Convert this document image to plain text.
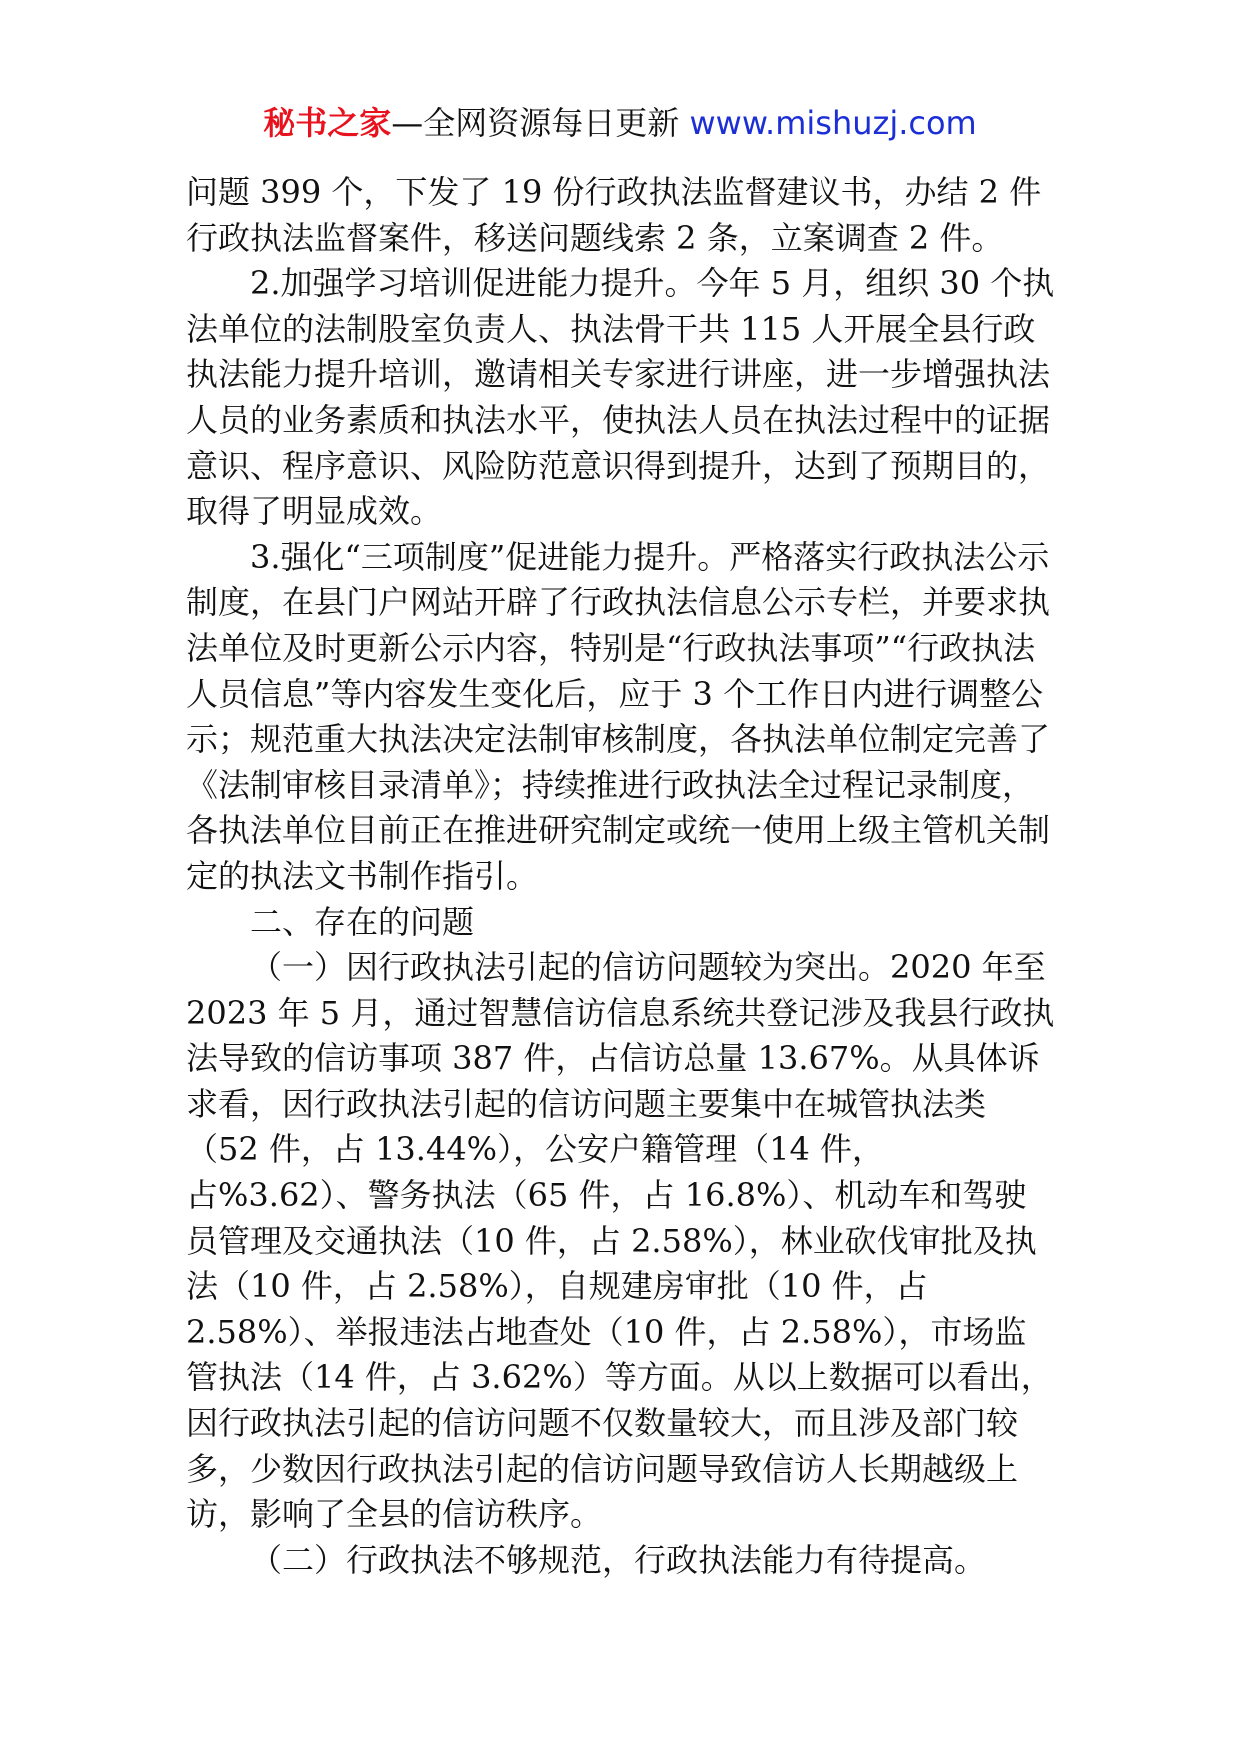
秘书之家—全网资源每日更新 www.mishuzj.com

问题 399 个，下发了 19 份行政执法监督建议书，办结 2 件行政执法监督案件，移送问题线索 2 条，立案调查 2 件。

2.加强学习培训促进能力提升。今年 5 月，组织 30 个执法单位的法制股室负责人、执法骨干共 115 人开展全县行政执法能力提升培训，邀请相关专家进行讲座，进一步增强执法人员的业务素质和执法水平，使执法人员在执法过程中的证据意识、程序意识、风险防范意识得到提升，达到了预期目的，取得了明显成效。

3.强化“三项制度”促进能力提升。严格落实行政执法公示制度，在县门户网站开辟了行政执法信息公示专栏，并要求执法单位及时更新公示内容，特别是“行政执法事项”“行政执法人员信息”等内容发生变化后，应于 3 个工作日内进行调整公示；规范重大执法决定法制审核制度，各执法单位制定完善了《法制审核目录清单》；持续推进行政执法全过程记录制度，各执法单位目前正在推进研究制定或统一使用上级主管机关制定的执法文书制作指引。

二、存在的问题

（一）因行政执法引起的信访问题较为突出。2020 年至 2023 年 5 月，通过智慧信访信息系统共登记涉及我县行政执法导致的信访事项 387 件，占信访总量 13.67%。从具体诉求看，因行政执法引起的信访问题主要集中在城管执法类（52 件，占 13.44%），公安户籍管理（14 件，占%3.62）、警务执法（65 件，占 16.8%）、机动车和驾驶员管理及交通执法（10 件，占 2.58%），林业砍伐审批及执法（10 件，占 2.58%），自规建房审批（10 件，占 2.58%）、举报违法占地查处（10 件，占 2.58%），市场监管执法（14 件，占 3.62%）等方面。从以上数据可以看出，因行政执法引起的信访问题不仅数量较大，而且涉及部门较多，少数因行政执法引起的信访问题导致信访人长期越级上访，影响了全县的信访秩序。

（二）行政执法不够规范，行政执法能力有待提高。
